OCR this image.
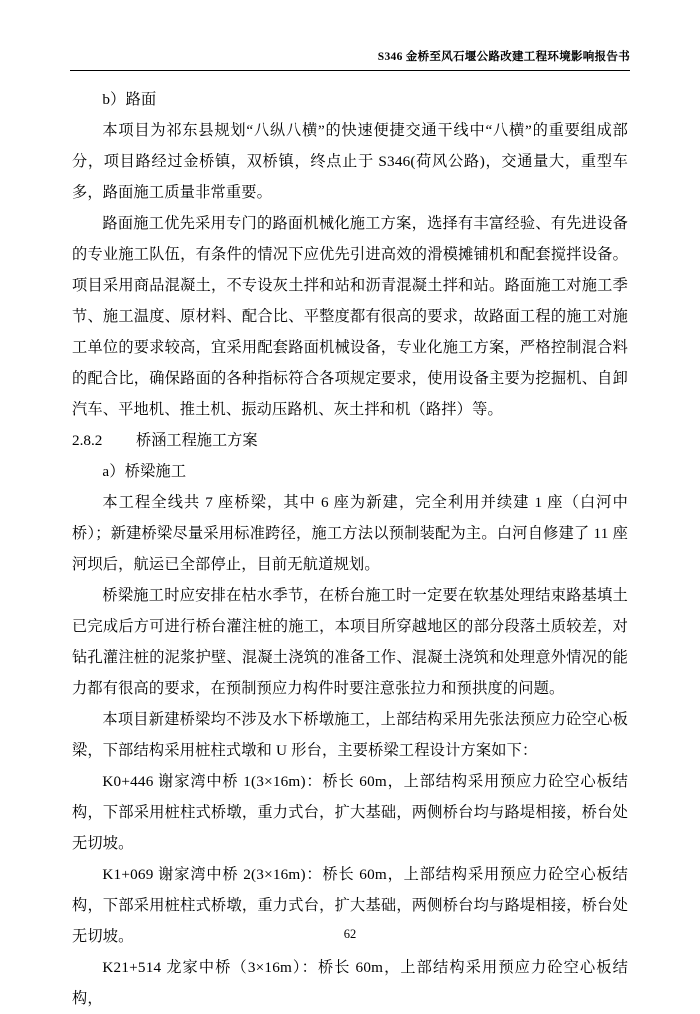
S346 金桥至风石堰公路改建工程环境影响报告书

b）路面

本项目为祁东县规划“八纵八横”的快速便捷交通干线中“八横”的重要组成部分，项目路经过金桥镇，双桥镇，终点止于 S346(荷风公路)，交通量大，重型车多，路面施工质量非常重要。

路面施工优先采用专门的路面机械化施工方案，选择有丰富经验、有先进设备的专业施工队伍，有条件的情况下应优先引进高效的滑模摊铺机和配套搅拌设备。项目采用商品混凝土，不专设灰土拌和站和沥青混凝土拌和站。路面施工对施工季节、施工温度、原材料、配合比、平整度都有很高的要求，故路面工程的施工对施工单位的要求较高，宜采用配套路面机械设备，专业化施工方案，严格控制混合料的配合比，确保路面的各种指标符合各项规定要求，使用设备主要为挖掘机、自卸汽车、平地机、推土机、振动压路机、灰土拌和机（路拌）等。

2.8.2	桥涵工程施工方案

a）桥梁施工

本工程全线共 7 座桥梁，其中 6 座为新建，完全利用并续建 1 座（白河中桥）；新建桥梁尽量采用标准跨径，施工方法以预制装配为主。白河自修建了 11 座河坝后，航运已全部停止，目前无航道规划。

桥梁施工时应安排在枯水季节，在桥台施工时一定要在软基处理结束路基填土已完成后方可进行桥台灌注桩的施工，本项目所穿越地区的部分段落土质较差，对钻孔灌注桩的泥浆护壁、混凝土浇筑的准备工作、混凝土浇筑和处理意外情况的能力都有很高的要求，在预制预应力构件时要注意张拉力和预拱度的问题。

本项目新建桥梁均不涉及水下桥墩施工，上部结构采用先张法预应力砼空心板梁，下部结构采用桩柱式墩和 U 形台，主要桥梁工程设计方案如下：

K0+446 谢家湾中桥 1(3×16m)：桥长 60m，上部结构采用预应力砼空心板结构，下部采用桩柱式桥墩，重力式台，扩大基础，两侧桥台均与路堤相接，桥台处无切坡。

K1+069 谢家湾中桥 2(3×16m)：桥长 60m，上部结构采用预应力砼空心板结构，下部采用桩柱式桥墩，重力式台，扩大基础，两侧桥台均与路堤相接，桥台处无切坡。

K21+514 龙家中桥（3×16m）：桥长 60m，上部结构采用预应力砼空心板结构，

62
